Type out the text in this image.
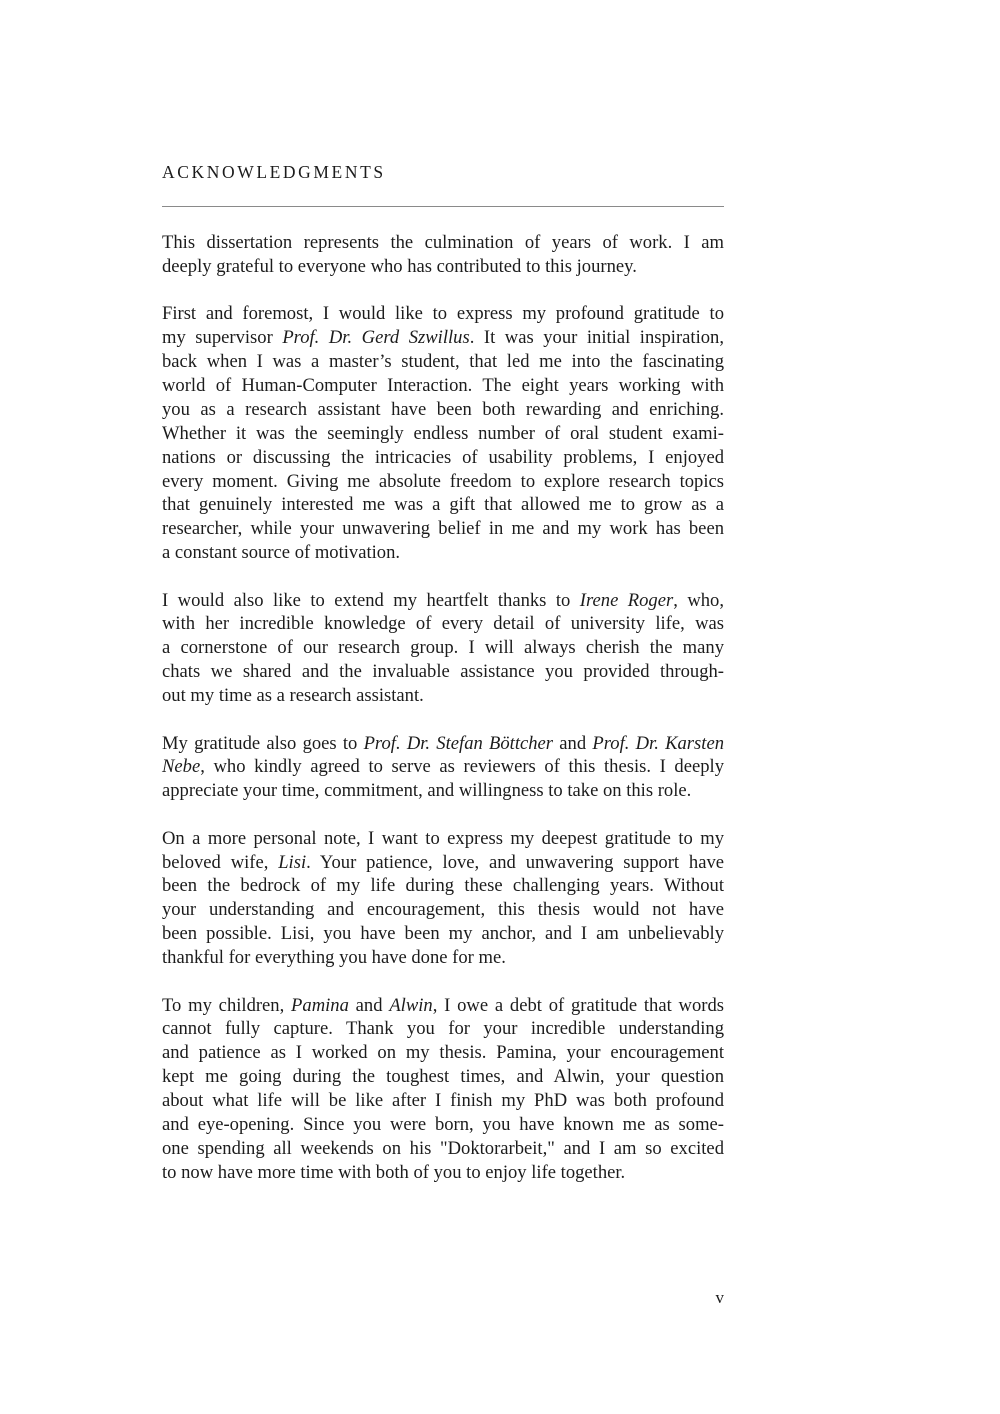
ACKNOWLEDGMENTS

This dissertation represents the culmination of years of work. I am
deeply grateful to everyone who has contributed to this journey.

First and foremost, I would like to express my profound gratitude to
my supervisor Prof. Dr. Gerd Szwillus. It was your initial inspiration,
back when I was a master’s student, that led me into the fascinating
world of Human-Computer Interaction. The eight years working with
you as a research assistant have been both rewarding and enriching.
Whether it was the seemingly endless number of oral student exami-
nations or discussing the intricacies of usability problems, I enjoyed
every moment. Giving me absolute freedom to explore research topics
that genuinely interested me was a gift that allowed me to grow as a
researcher, while your unwavering belief in me and my work has been
a constant source of motivation.

I would also like to extend my heartfelt thanks to Irene Roger, who,
with her incredible knowledge of every detail of university life, was
a cornerstone of our research group. I will always cherish the many
chats we shared and the invaluable assistance you provided through-
out my time as a research assistant.

My gratitude also goes to Prof. Dr. Stefan Böttcher and Prof. Dr. Karsten
Nebe, who kindly agreed to serve as reviewers of this thesis. I deeply
appreciate your time, commitment, and willingness to take on this role.

On a more personal note, I want to express my deepest gratitude to my
beloved wife, Lisi. Your patience, love, and unwavering support have
been the bedrock of my life during these challenging years. Without
your understanding and encouragement, this thesis would not have
been possible. Lisi, you have been my anchor, and I am unbelievably
thankful for everything you have done for me.

To my children, Pamina and Alwin, I owe a debt of gratitude that words
cannot fully capture. Thank you for your incredible understanding
and patience as I worked on my thesis. Pamina, your encouragement
kept me going during the toughest times, and Alwin, your question
about what life will be like after I finish my PhD was both profound
and eye-opening. Since you were born, you have known me as some-
one spending all weekends on his "Doktorarbeit," and I am so excited
to now have more time with both of you to enjoy life together.

v
